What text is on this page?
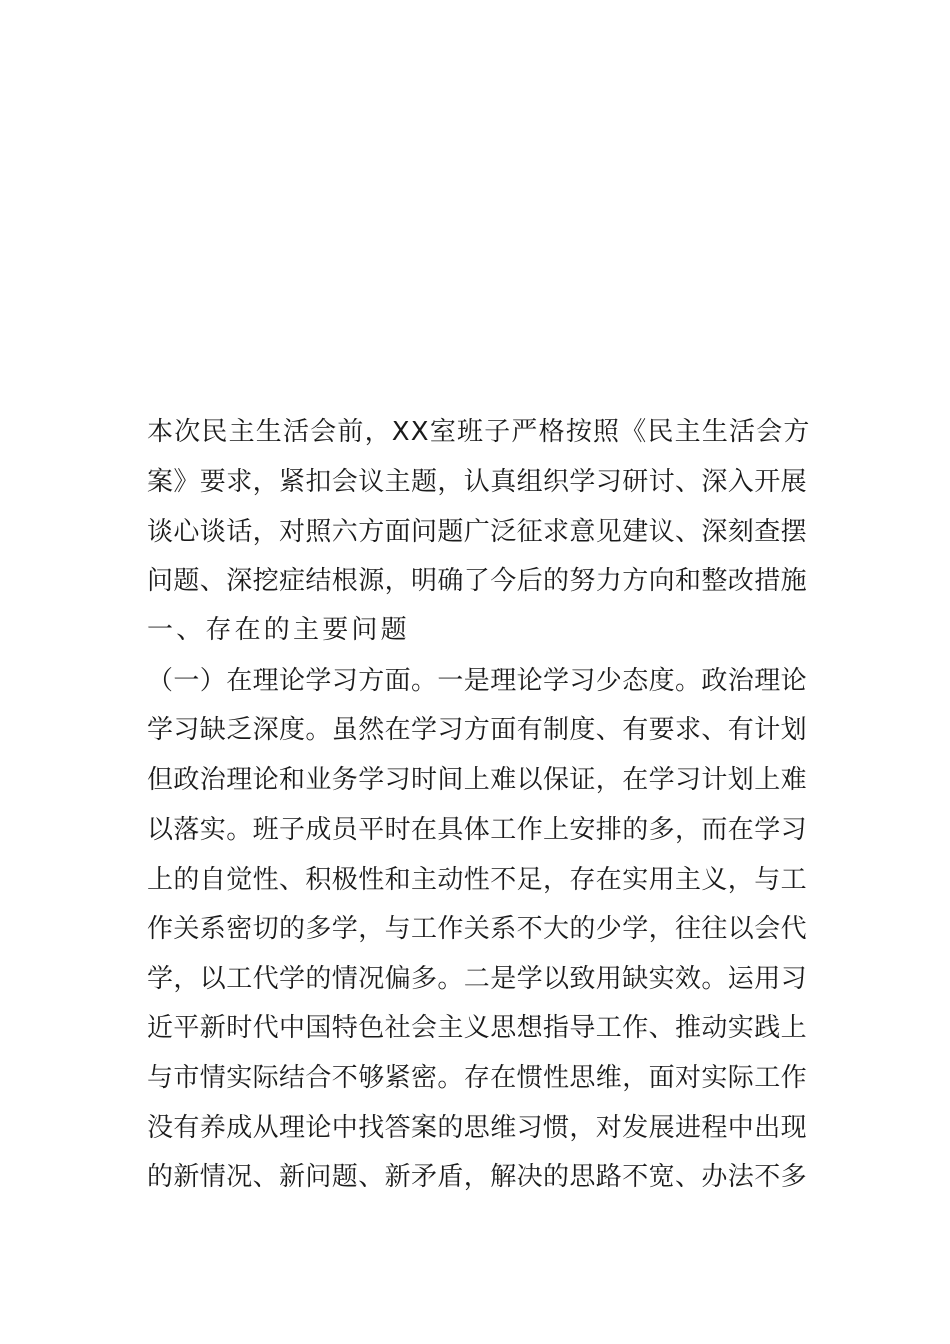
本次民主生活会前，XX室班子严格按照《民主生活会方
案》要求，紧扣会议主题，认真组织学习研讨、深入开展
谈心谈话，对照六方面问题广泛征求意见建议、深刻查摆
问题、深挖症结根源，明确了今后的努力方向和整改措施
一、存在的主要问题
（一）在理论学习方面。一是理论学习少态度。政治理论
学习缺乏深度。虽然在学习方面有制度、有要求、有计划
但政治理论和业务学习时间上难以保证，在学习计划上难
以落实。班子成员平时在具体工作上安排的多，而在学习
上的自觉性、积极性和主动性不足，存在实用主义，与工
作关系密切的多学，与工作关系不大的少学，往往以会代
学，以工代学的情况偏多。二是学以致用缺实效。运用习
近平新时代中国特色社会主义思想指导工作、推动实践上
与市情实际结合不够紧密。存在惯性思维，面对实际工作
没有养成从理论中找答案的思维习惯，对发展进程中出现
的新情况、新问题、新矛盾，解决的思路不宽、办法不多
